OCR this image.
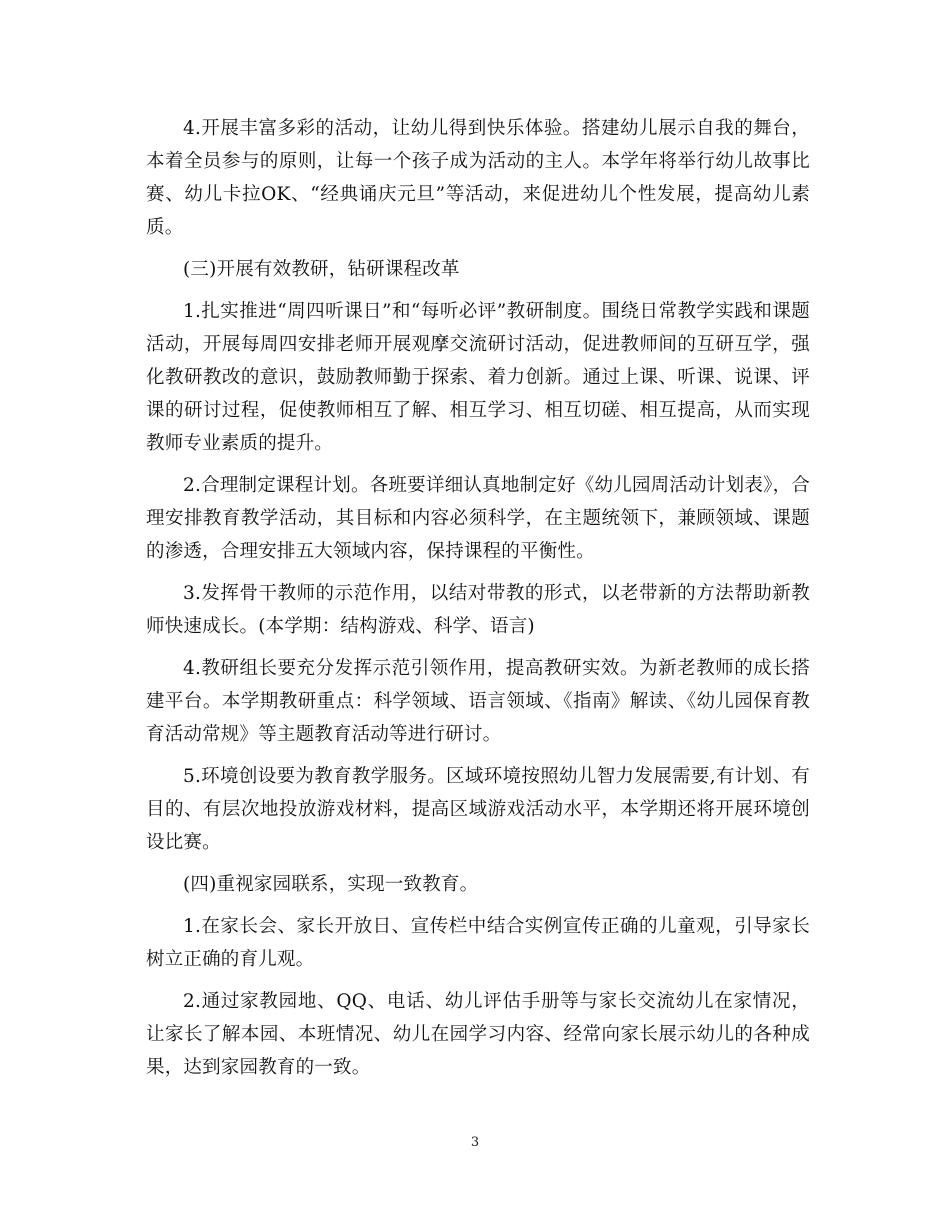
4.开展丰富多彩的活动，让幼儿得到快乐体验。搭建幼儿展示自我的舞台，本着全员参与的原则，让每一个孩子成为活动的主人。本学年将举行幼儿故事比赛、幼儿卡拉OK、“经典诵庆元旦”等活动，来促进幼儿个性发展，提高幼儿素质。

(三)开展有效教研，钻研课程改革

1.扎实推进“周四听课日”和“每听必评”教研制度。围绕日常教学实践和课题活动，开展每周四安排老师开展观摩交流研讨活动，促进教师间的互研互学，强化教研教改的意识，鼓励教师勤于探索、着力创新。通过上课、听课、说课、评课的研讨过程，促使教师相互了解、相互学习、相互切磋、相互提高，从而实现教师专业素质的提升。

2.合理制定课程计划。各班要详细认真地制定好《幼儿园周活动计划表》，合理安排教育教学活动，其目标和内容必须科学，在主题统领下，兼顾领域、课题的渗透，合理安排五大领域内容，保持课程的平衡性。

3.发挥骨干教师的示范作用，以结对带教的形式，以老带新的方法帮助新教师快速成长。(本学期：结构游戏、科学、语言)

4.教研组长要充分发挥示范引领作用，提高教研实效。为新老教师的成长搭建平台。本学期教研重点：科学领域、语言领域、《指南》解读、《幼儿园保育教育活动常规》等主题教育活动等进行研讨。

5.环境创设要为教育教学服务。区域环境按照幼儿智力发展需要,有计划、有目的、有层次地投放游戏材料，提高区域游戏活动水平，本学期还将开展环境创设比赛。

(四)重视家园联系，实现一致教育。

1.在家长会、家长开放日、宣传栏中结合实例宣传正确的儿童观，引导家长树立正确的育儿观。

2.通过家教园地、QQ、电话、幼儿评估手册等与家长交流幼儿在家情况，让家长了解本园、本班情况、幼儿在园学习内容、经常向家长展示幼儿的各种成果，达到家园教育的一致。

3
